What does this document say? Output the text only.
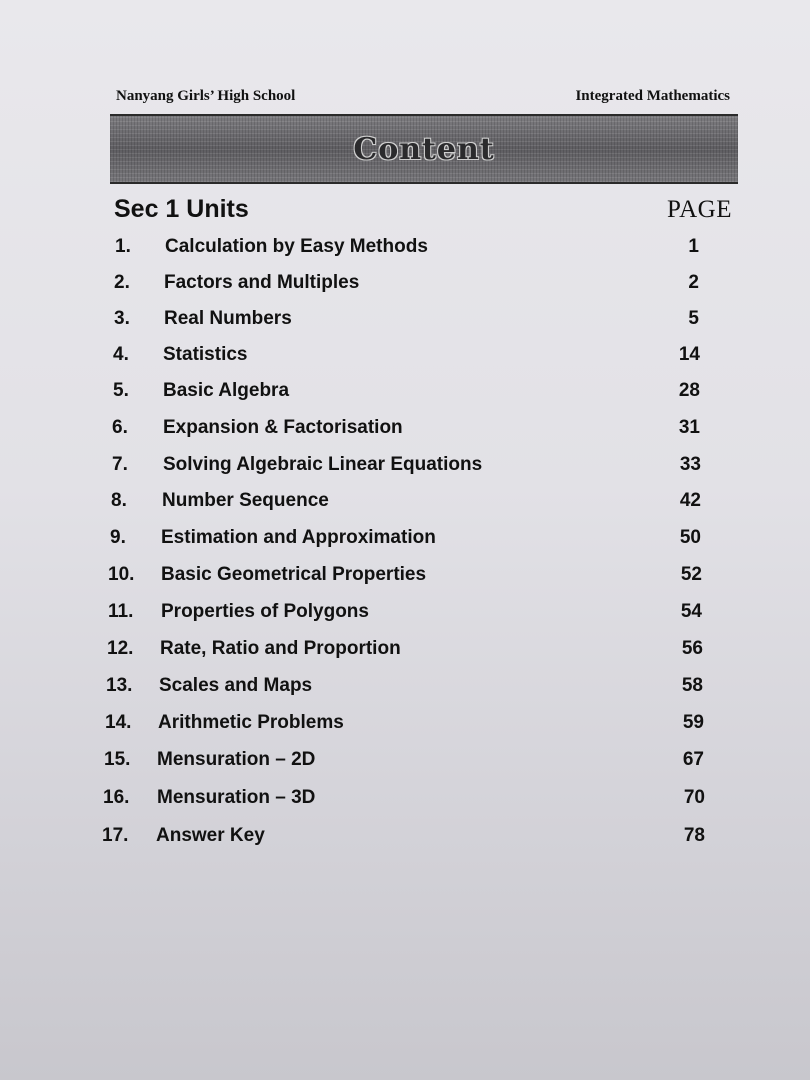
Nanyang Girls’ High School	Integrated Mathematics
Content
Sec 1 Units	PAGE
1. Calculation by Easy Methods	1
2. Factors and Multiples	2
3. Real Numbers	5
4. Statistics	14
5. Basic Algebra	28
6. Expansion & Factorisation	31
7. Solving Algebraic Linear Equations	33
8. Number Sequence	42
9. Estimation and Approximation	50
10. Basic Geometrical Properties	52
11. Properties of Polygons	54
12. Rate, Ratio and Proportion	56
13. Scales and Maps	58
14. Arithmetic Problems	59
15. Mensuration – 2D	67
16. Mensuration – 3D	70
17. Answer Key	78
